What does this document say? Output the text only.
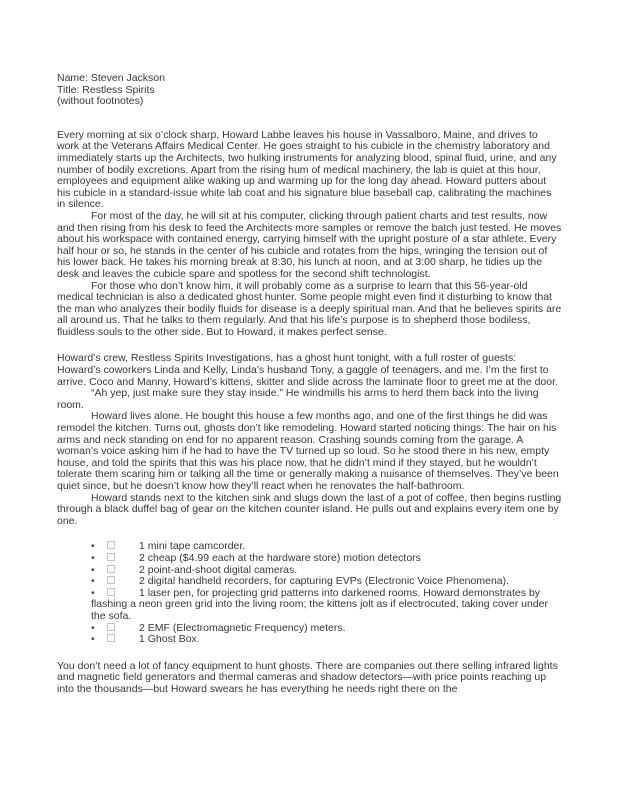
Name: Steven Jackson

Title: Restless Spirits

(without footnotes)

Every morning at six o’clock sharp, Howard Labbe leaves his house in Vassalboro, Maine, and drives to work at the Veterans Affairs Medical Center. He goes straight to his cubicle in the chemistry laboratory and immediately starts up the Architects, two hulking instruments for analyzing blood, spinal fluid, urine, and any number of bodily excretions. Apart from the rising hum of medical machinery, the lab is quiet at this hour, employees and equipment alike waking up and warming up for the long day ahead. Howard putters about his cubicle in a standard-issue white lab coat and his signature blue baseball cap, calibrating the machines in silence.

For most of the day, he will sit at his computer, clicking through patient charts and test results, now and then rising from his desk to feed the Architects more samples or remove the batch just tested. He moves about his workspace with contained energy, carrying himself with the upright posture of a star athlete. Every half hour or so, he stands in the center of his cubicle and rotates from the hips, wringing the tension out of his lower back. He takes his morning break at 8:30, his lunch at noon, and at 3:00 sharp, he tidies up the desk and leaves the cubicle spare and spotless for the second shift technologist.

For those who don’t know him, it will probably come as a surprise to learn that this 56-year-old medical technician is also a dedicated ghost hunter. Some people might even find it disturbing to know that the man who analyzes their bodily fluids for disease is a deeply spiritual man. And that he believes spirits are all around us. That he talks to them regularly. And that his life’s purpose is to shepherd those bodiless, fluidless souls to the other side. But to Howard, it makes perfect sense.

Howard’s crew, Restless Spirits Investigations, has a ghost hunt tonight, with a full roster of guests: Howard’s coworkers Linda and Kelly, Linda’s husband Tony, a gaggle of teenagers, and me. I’m the first to arrive. Coco and Manny, Howard’s kittens, skitter and slide across the laminate floor to greet me at the door.

“Ah yep, just make sure they stay inside.” He windmills his arms to herd them back into the living room.

Howard lives alone. He bought this house a few months ago, and one of the first things he did was remodel the kitchen. Turns out, ghosts don’t like remodeling. Howard started noticing things: The hair on his arms and neck standing on end for no apparent reason. Crashing sounds coming from the garage. A woman’s voice asking him if he had to have the TV turned up so loud. So he stood there in his new, empty house, and told the spirits that this was his place now, that he didn’t mind if they stayed, but he wouldn’t tolerate them scaring him or talking all the time or generally making a nuisance of themselves. They’ve been quiet since, but he doesn’t know how they’ll react when he renovates the half-bathroom.

Howard stands next to the kitchen sink and slugs down the last of a pot of coffee, then begins rustling through a black duffel bag of gear on the kitchen counter island. He pulls out and explains every item one by one.

•	1 mini tape camcorder.
•	2 cheap ($4.99 each at the hardware store) motion detectors
•	2 point-and-shoot digital cameras.
•	2 digital handheld recorders, for capturing EVPs (Electronic Voice Phenomena).
•	1 laser pen, for projecting grid patterns into darkened rooms. Howard demonstrates by flashing a neon green grid into the living room; the kittens jolt as if electrocuted, taking cover under the sofa.
•	2 EMF (Electromagnetic Frequency) meters.
•	1 Ghost Box.

You don’t need a lot of fancy equipment to hunt ghosts. There are companies out there selling infrared lights and magnetic field generators and thermal cameras and shadow detectors—with price points reaching up into the thousands—but Howard swears he has everything he needs right there on the
